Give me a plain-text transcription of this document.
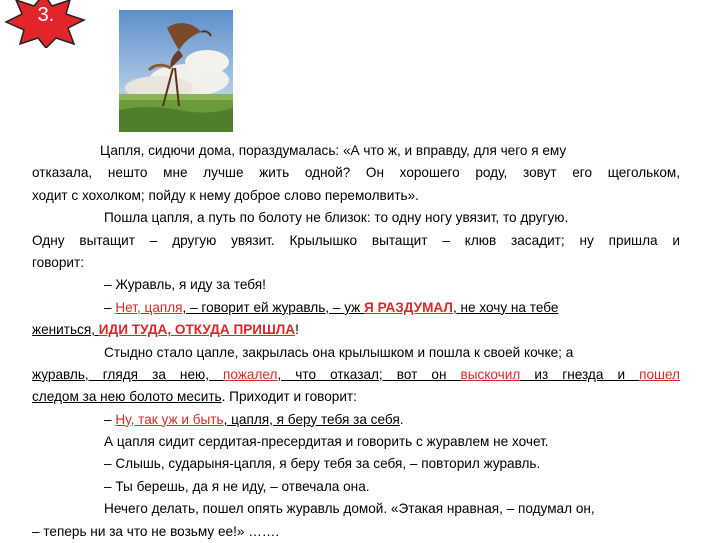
3.
Цапля, сидючи дома, пораздумалась: «А что ж, и вправду, для чего я ему
отказала, нешто мне лучше жить одной? Он хорошего роду, зовут его щегольком,
ходит с хохолком; пойду к нему доброе слово перемолвить».
Пошла цапля, а путь по болоту не близок: то одну ногу увязит, то другую.
Одну вытащит – другую увязит. Крылышко вытащит – клюв засадит; ну пришла и
говорит:
– Журавль, я иду за тебя!
– Нет, цапля, – говорит ей журавль, – уж Я РАЗДУМАЛ, не хочу на тебе
жениться, ИДИ ТУДА, ОТКУДА ПРИШЛА!
Стыдно стало цапле, закрылась она крылышком и пошла к своей кочке; а
журавль, глядя за нею, пожалел, что отказал; вот он выскочил из гнезда и пошел
следом за нею болото месить. Приходит и говорит:
– Ну, так уж и быть, цапля, я беру тебя за себя.
А цапля сидит сердитая-пресердитая и говорить с журавлем не хочет.
– Слышь, сударыня-цапля, я беру тебя за себя, – повторил журавль.
– Ты берешь, да я не иду, – отвечала она.
Нечего делать, пошел опять журавль домой. «Этакая нравная, – подумал он,
– теперь ни за что не возьму ее!» …….
